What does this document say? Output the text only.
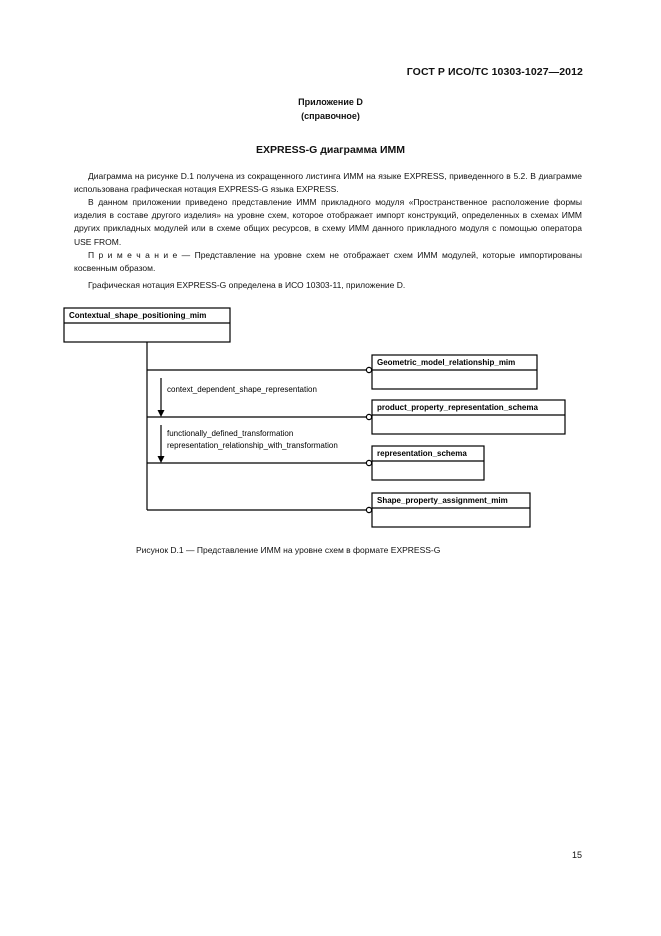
ГОСТ Р ИСО/ТС 10303-1027—2012
Приложение D
(справочное)
EXPRESS-G диаграмма ИММ
Диаграмма на рисунке D.1 получена из сокращенного листинга ИММ на языке EXPRESS, приведенного в 5.2. В диаграмме использована графическая нотация EXPRESS-G языка EXPRESS.
В данном приложении приведено представление ИММ прикладного модуля «Пространственное расположение формы изделия в составе другого изделия» на уровне схем, которое отображает импорт конструкций, определенных в схемах ИММ других прикладных модулей или в схеме общих ресурсов, в схему ИММ данного прикладного модуля с помощью оператора USE FROM.
П р и м е ч а н и е — Представление на уровне схем не отображает схем ИММ модулей, которые импортированы косвенным образом.
Графическая нотация EXPRESS-G определена в ИСО 10303-11, приложение D.
Contextual_shape_positioning_mim
Geometric_model_relationship_mim
product_property_representation_schema
representation_schema
Shape_property_assignment_mim
context_dependent_shape_representation
functionally_defined_transformation
representation_relationship_with_transformation
Рисунок D.1 — Представление ИММ на уровне схем в формате EXPRESS-G
15
